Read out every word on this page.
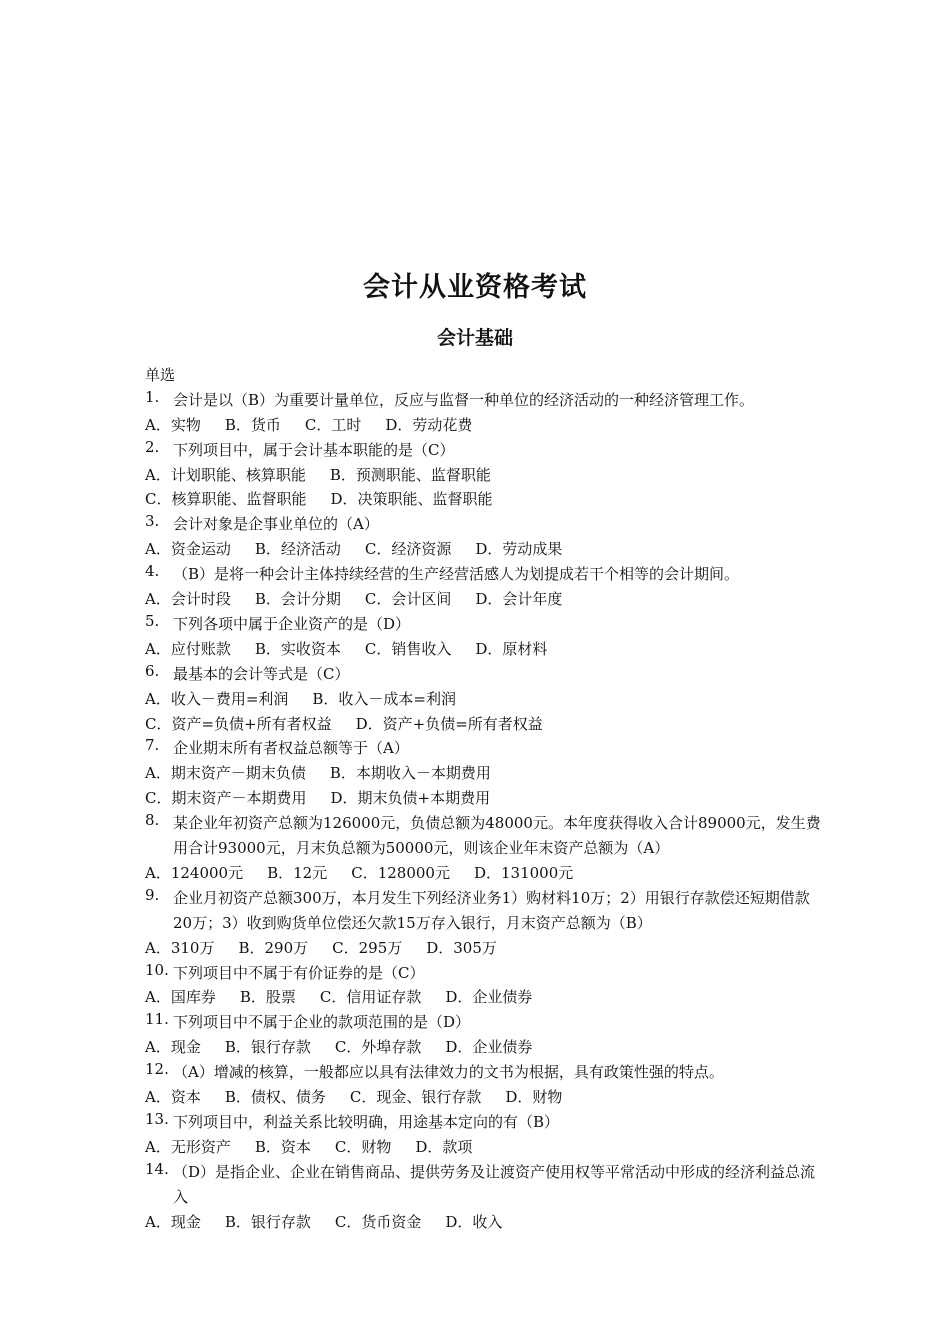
会计从业资格考试
会计基础
单选
1. 会计是以（B）为重要计量单位，反应与监督一种单位的经济活动的一种经济管理工作。
A．实物 B．货币 C．工时 D．劳动花费
2. 下列项目中，属于会计基本职能的是（C）
A．计划职能、核算职能 B．预测职能、监督职能
C．核算职能、监督职能 D．决策职能、监督职能
3. 会计对象是企事业单位的（A）
A．资金运动 B．经济活动 C．经济资源 D．劳动成果
4. （B）是将一种会计主体持续经营的生产经营活感人为划提成若干个相等的会计期间。
A．会计时段 B．会计分期 C．会计区间 D．会计年度
5. 下列各项中属于企业资产的是（D）
A．应付账款 B．实收资本 C．销售收入 D．原材料
6. 最基本的会计等式是（C）
A．收入－费用=利润 B．收入－成本=利润
C．资产=负债+所有者权益 D．资产+负债=所有者权益
7. 企业期末所有者权益总额等于（A）
A．期末资产－期末负债 B．本期收入－本期费用
C．期末资产－本期费用 D．期末负债+本期费用
8. 某企业年初资产总额为126000元，负债总额为48000元。本年度获得收入合计89000元，发生费用合计93000元，月末负总额为50000元，则该企业年末资产总额为（A）
A．124000元 B．12元 C．128000元 D．131000元
9. 企业月初资产总额300万，本月发生下列经济业务1）购材料10万；2）用银行存款偿还短期借款20万；3）收到购货单位偿还欠款15万存入银行，月末资产总额为（B）
A．310万 B．290万 C．295万 D．305万
10. 下列项目中不属于有价证券的是（C）
A．国库券 B．股票 C．信用证存款 D．企业债券
11. 下列项目中不属于企业的款项范围的是（D）
A．现金 B．银行存款 C．外埠存款 D．企业债券
12. （A）增减的核算，一般都应以具有法律效力的文书为根据，具有政策性强的特点。
A．资本 B．债权、债务 C．现金、银行存款 D．财物
13. 下列项目中，利益关系比较明确，用途基本定向的有（B）
A．无形资产 B．资本 C．财物 D．款项
14. （D）是指企业、企业在销售商品、提供劳务及让渡资产使用权等平常活动中形成的经济利益总流入
A．现金 B．银行存款 C．货币资金 D．收入
